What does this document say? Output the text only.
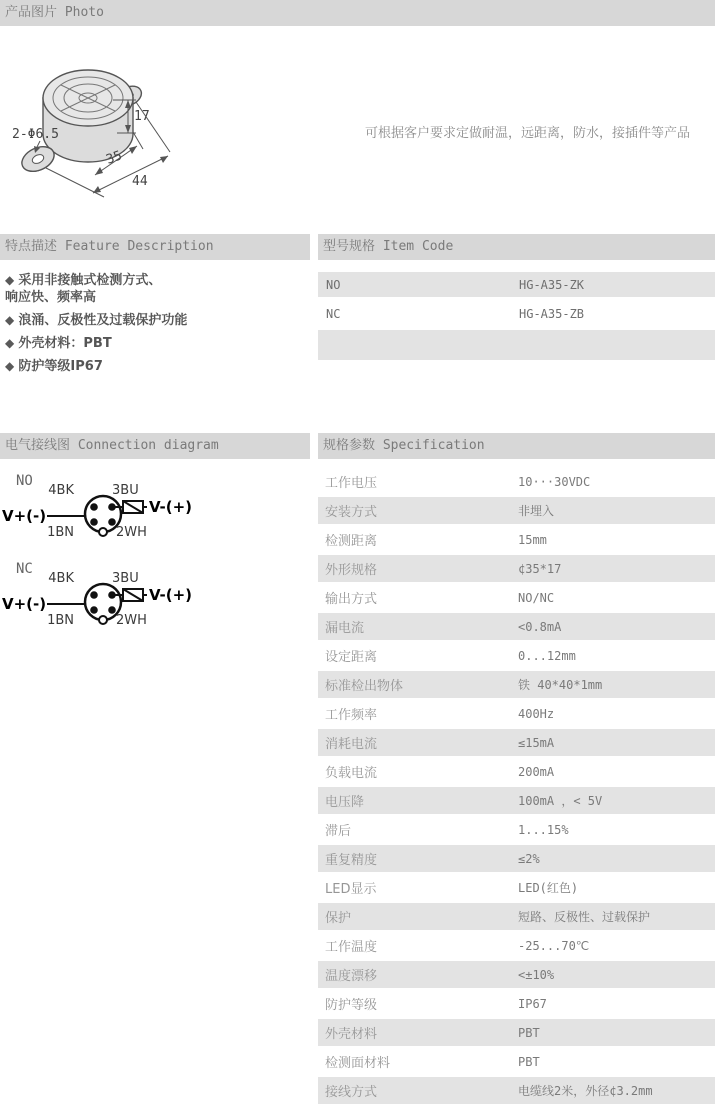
产品图片 Photo
特点描述 Feature Description	型号规格 Item Code
电气接线图 Connection diagram	规格参数 Specification
17
35
44
2-Φ6.5	可根据客户要求定做耐温，远距离，防水，接插件等产品
◆ 采用非接触式检测方式、
响应快、频率高
◆ 浪涌、反极性及过载保护功能
◆ 外壳材料：PBT
◆ 防护等级IP67
NO	HG-A35-ZK
NC	HG-A35-ZB
NO
4BK	3BU
1BN	2WH
V+(-)	V-(+)
NC
4BK	3BU
1BN	2WH
V+(-)	V-(+)
工作电压	10···30VDC
安装方式	非埋入
检测距离	15mm
外形规格	¢35*17
输出方式	NO/NC
漏电流	<0.8mA
设定距离	0...12mm
标准检出物体	铁 40*40*1mm
工作频率	400Hz
消耗电流	≤15mA
负载电流	200mA
电压降	100mA ，< 5V
滞后	1...15%
重复精度	≤2%
LED显示	LED(红色)
保护	短路、反极性、过载保护
工作温度	-25...70℃
温度漂移	<±10%
防护等级	IP67
外壳材料	PBT
检测面材料	PBT
接线方式	电缆线2米，外径¢3.2mm
